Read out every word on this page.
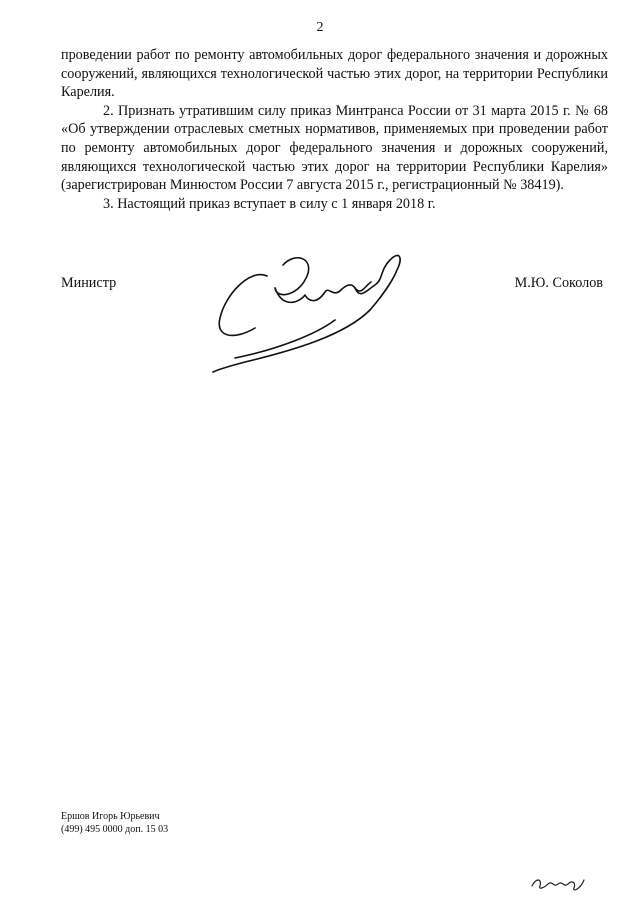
2

проведении работ по ремонту автомобильных дорог федерального значения и дорожных сооружений, являющихся технологической частью этих дорог, на территории Республики Карелия.

2. Признать утратившим силу приказ Минтранса России от 31 марта 2015 г. № 68 «Об утверждении отраслевых сметных нормативов, применяемых при проведении работ по ремонту автомобильных дорог федерального значения и дорожных сооружений, являющихся технологической частью этих дорог на территории Республики Карелия» (зарегистрирован Минюстом России 7 августа 2015 г., регистрационный № 38419).

3. Настоящий приказ вступает в силу с 1 января 2018 г.

Министр	М.Ю. Соколов
Ершов Игорь Юрьевич
(499) 495 0000 доп. 15 03
